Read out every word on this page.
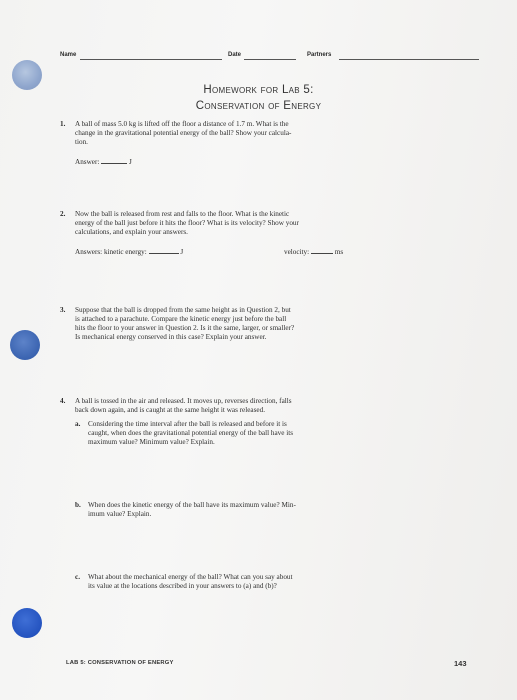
Name	Date	Partners
Homework for Lab 5:
Conservation of Energy
1. A ball of mass 5.0 kg is lifted off the floor a distance of 1.7 m. What is the
change in the gravitational potential energy of the ball? Show your calcula-
tion.
Answer:	J
2. Now the ball is released from rest and falls to the floor. What is the kinetic
energy of the ball just before it hits the floor? What is its velocity? Show your
calculations, and explain your answers.
Answers: kinetic energy:	J	velocity:	ms
3. Suppose that the ball is dropped from the same height as in Question 2, but
is attached to a parachute. Compare the kinetic energy just before the ball
hits the floor to your answer in Question 2. Is it the same, larger, or smaller?
Is mechanical energy conserved in this case? Explain your answer.
4. A ball is tossed in the air and released. It moves up, reverses direction, falls
back down again, and is caught at the same height it was released.
a. Considering the time interval after the ball is released and before it is
caught, when does the gravitational potential energy of the ball have its
maximum value? Minimum value? Explain.
b. When does the kinetic energy of the ball have its maximum value? Min-
imum value? Explain.
c. What about the mechanical energy of the ball? What can you say about
its value at the locations described in your answers to (a) and (b)?
LAB 5: CONSERVATION OF ENERGY	143
